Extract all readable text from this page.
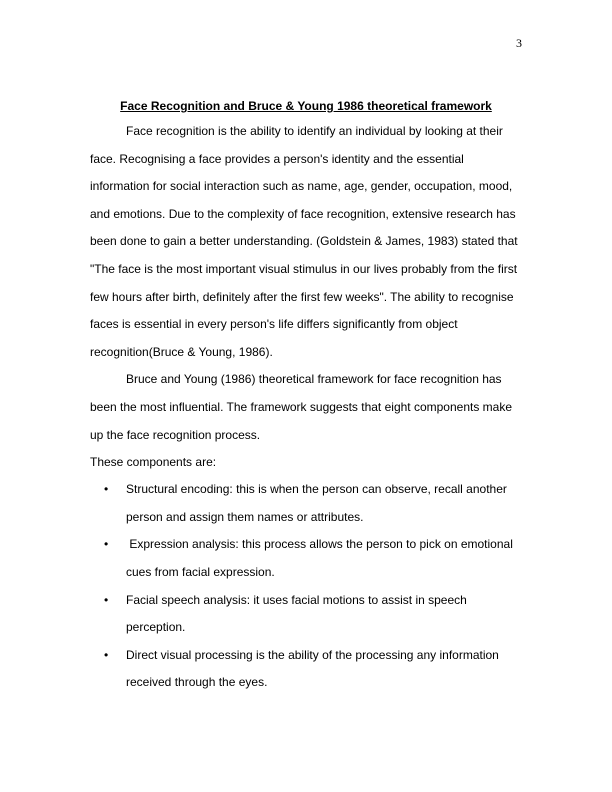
3

Face Recognition and Bruce & Young 1986 theoretical framework

Face recognition is the ability to identify an individual by looking at their face. Recognising a face provides a person's identity and the essential information for social interaction such as name, age, gender, occupation, mood, and emotions. Due to the complexity of face recognition, extensive research has been done to gain a better understanding. (Goldstein & James, 1983) stated that "The face is the most important visual stimulus in our lives probably from the first few hours after birth, definitely after the first few weeks". The ability to recognise faces is essential in every person's life differs significantly from object recognition(Bruce & Young, 1986).

Bruce and Young (1986) theoretical framework for face recognition has been the most influential. The framework suggests that eight components make up the face recognition process.

These components are:

• Structural encoding: this is when the person can observe, recall another person and assign them names or attributes.
• Expression analysis: this process allows the person to pick on emotional cues from facial expression.
• Facial speech analysis: it uses facial motions to assist in speech perception.
• Direct visual processing is the ability of the processing any information received through the eyes.
